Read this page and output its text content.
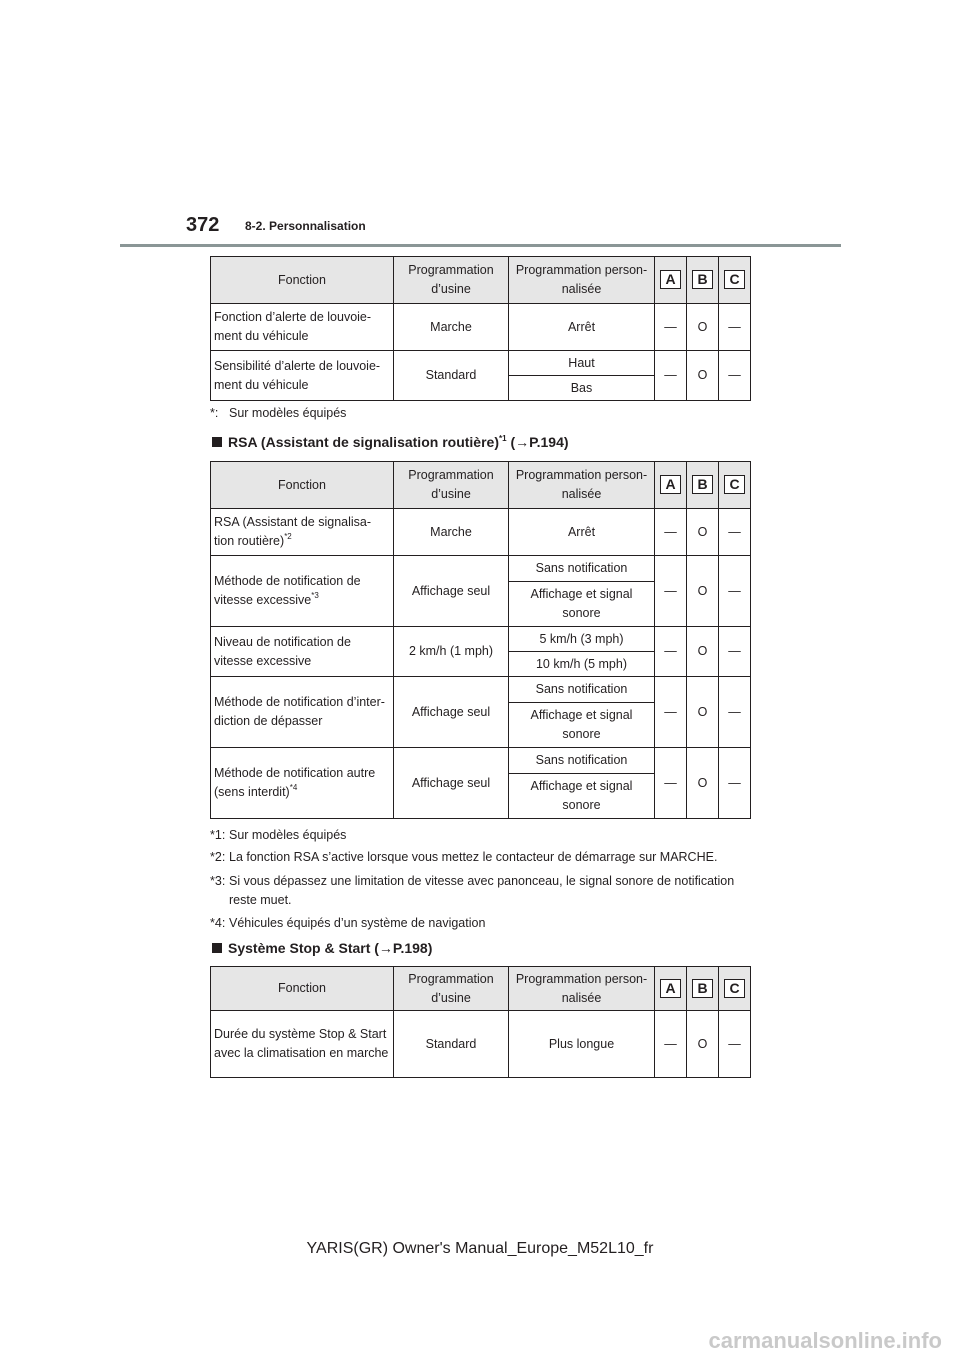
372 8-2. Personnalisation
Fonction	Programmation d’usine	Programmation person- nalisée	A	B	C
Fonction d’alerte de louvoie- ment du véhicule	Marche	Arrêt	—	O	—
Sensibilité d’alerte de louvoie- ment du véhicule	Standard	Haut	—	O	—
		Bas			
*: Sur modèles équipés
RSA (Assistant de signalisation routière)$^{*1}$ (→P.194)
Fonction	Programmation d’usine	Programmation person- nalisée	A	B	C
RSA (Assistant de signalisa- tion routière)$^{*2}$	Marche	Arrêt	—	O	—
Méthode de notification de vitesse excessive$^{*3}$	Affichage seul	Sans notification	—	O	—
		Affichage et signal sonore			
Niveau de notification de vitesse excessive	2 km/h (1 mph)	5 km/h (3 mph)	—	O	—
		10 km/h (5 mph)			
Méthode de notification d’inter- diction de dépasser	Affichage seul	Sans notification	—	O	—
		Affichage et signal sonore			
Méthode de notification autre (sens interdit)$^{*4}$	Affichage seul	Sans notification	—	O	—
		Affichage et signal sonore			
*1: Sur modèles équipés
*2: La fonction RSA s’active lorsque vous mettez le contacteur de démarrage sur MARCHE.
*3: Si vous dépassez une limitation de vitesse avec panonceau, le signal sonore de notification reste muet.
*4: Véhicules équipés d’un système de navigation
Système Stop & Start (→P.198)
Fonction	Programmation d’usine	Programmation person- nalisée	A	B	C
Durée du système Stop & Start avec la climatisation en marche	Standard	Plus longue	—	O	—
YARIS(GR) Owner's Manual_Europe_M52L10_fr
carmanualsonline.info
